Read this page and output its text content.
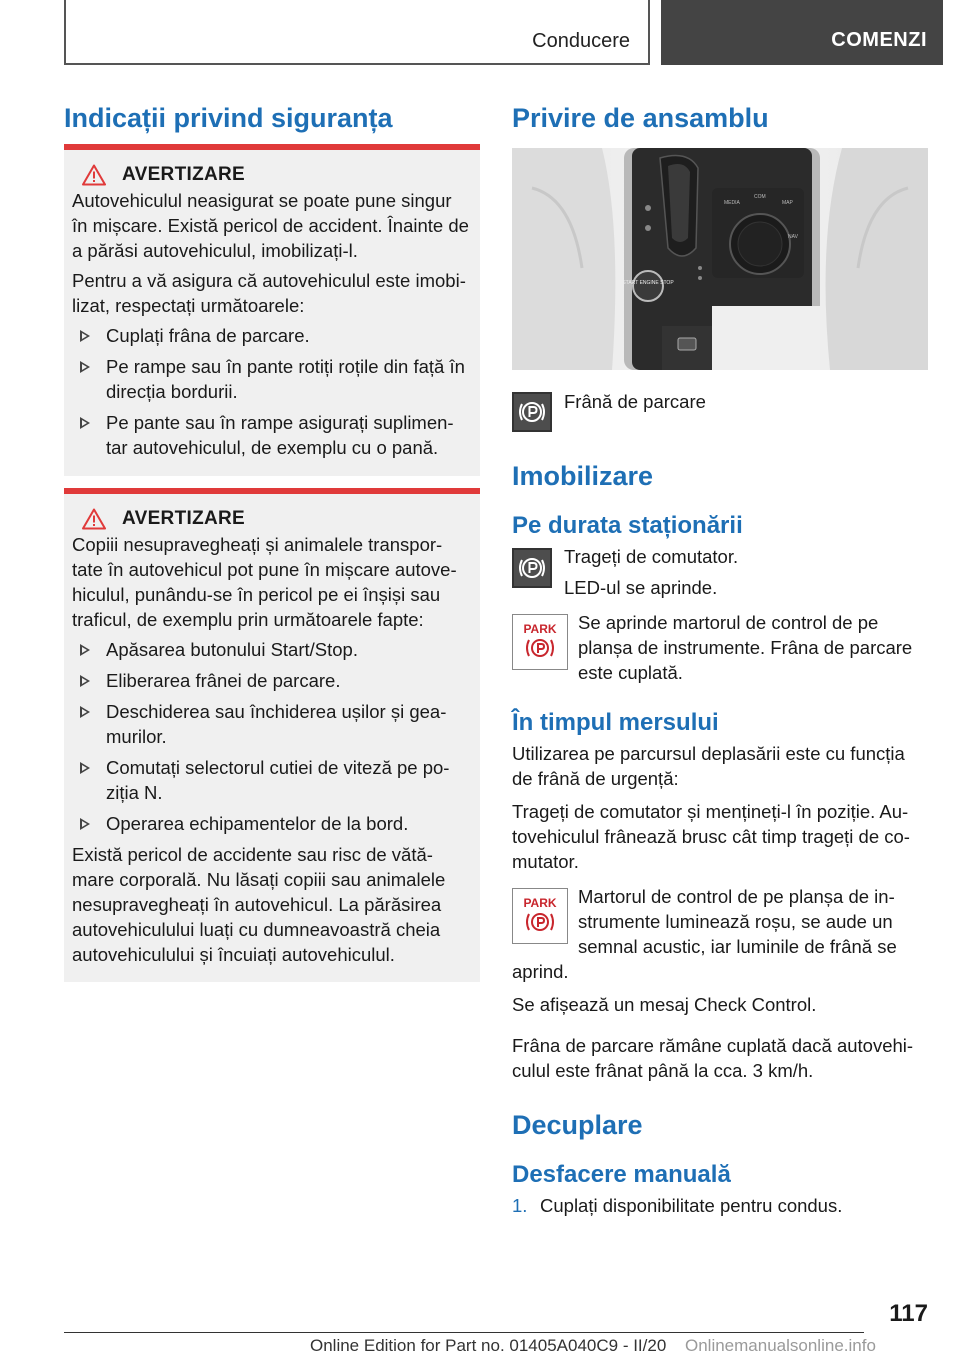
Conducere	COMENZI
Indicații privind siguranța
AVERTIZARE

Autovehiculul neasigurat se poate pune singur în mișcare. Există pericol de accident. Înainte de a părăsi autovehiculul, imobilizați-l.

Pentru a vă asigura că autovehiculul este imobi-lizat, respectați următoarele:

Cuplați frâna de parcare.
Pe rampe sau în pante rotiți roțile din față în direcția bordurii.
Pe pante sau în rampe asigurați suplimen-tar autovehiculul, de exemplu cu o pană.
AVERTIZARE

Copiii nesupravegheați și animalele transpor-tate în autovehicul pot pune în mișcare autove-hiculul, punându-se în pericol pe ei înșiși sau traficul, de exemplu prin următoarele fapte:

Apăsarea butonului Start/Stop.
Eliberarea frânei de parcare.
Deschiderea sau închiderea ușilor și gea-murilor.
Comutați selectorul cutiei de viteză pe po-ziția N.
Operarea echipamentelor de la bord.

Există pericol de accidente sau risc de vătă-mare corporală. Nu lăsați copiii sau animalele nesupravegheați în autovehicul. La părăsirea autovehiculului luați cu dumneavoastră cheia autovehiculului și încuiați autovehiculul.

Privire de ansamblu
START ENGINE STOP
MEDIA
COM
MAP
NAV

Frână de parcare

Imobilizare
Pe durata staționării

Trageți de comutator.

LED-ul se aprinde.

PARK Se aprinde martorul de control de pe planșa de instrumente. Frâna de parcare este cuplată.

În timpul mersului

Utilizarea pe parcursul deplasării este cu funcția de frână de urgență:

Trageți de comutator și mențineți-l în poziție. Au-tovehiculul frânează brusc cât timp trageți de co-mutator.

PARK	Martorul de control de pe planșa de in-strumente luminează roșu, se aude un semnal acustic, iar luminile de frână se aprind.

Se afișează un mesaj Check Control.

Frâna de parcare rămâne cuplată dacă autovehi-culul este frânat până la cca. 3 km/h.

Decuplare
Desfacere manuală
1. Cuplați disponibilitate pentru condus.

117
Online Edition for Part no. 01405A040C9 - II/20 Onlinemanualsonline.info
